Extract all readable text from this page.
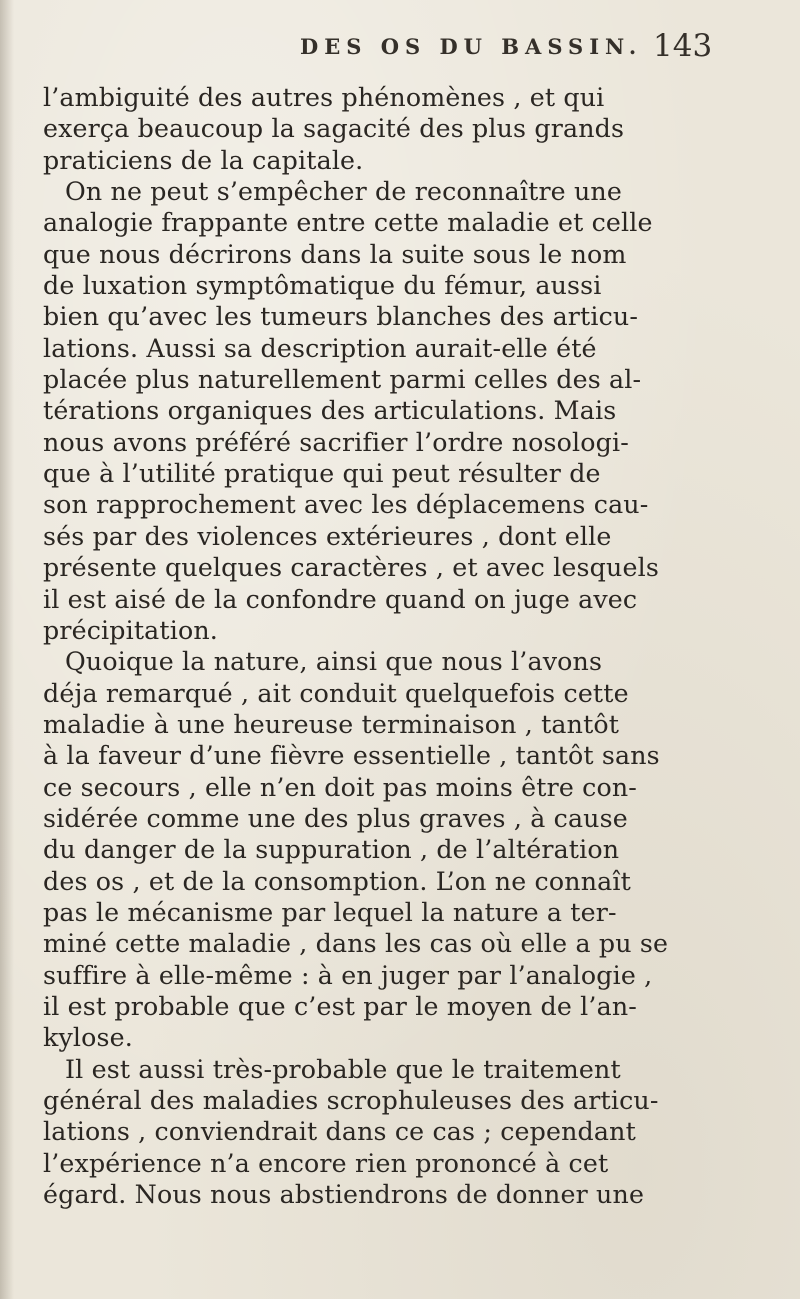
DES OS DU BASSIN. 143
l’ambiguité des autres phénomènes , et qui
exerça beaucoup la sagacité des plus grands
praticiens de la capitale.
On ne peut s’empêcher de reconnaître une
analogie frappante entre cette maladie et celle
que nous décrirons dans la suite sous le nom
de luxation symptômatique du fémur, aussi
bien qu’avec les tumeurs blanches des articu-
lations. Aussi sa description aurait-elle été
placée plus naturellement parmi celles des al-
térations organiques des articulations. Mais
nous avons préféré sacrifier l’ordre nosologi-
que à l’utilité pratique qui peut résulter de
son rapprochement avec les déplacemens cau-
sés par des violences extérieures , dont elle
présente quelques caractères , et avec lesquels
il est aisé de la confondre quand on juge avec
précipitation.
Quoique la nature, ainsi que nous l’avons
déja remarqué , ait conduit quelquefois cette
maladie à une heureuse terminaison , tantôt
à la faveur d’une fièvre essentielle , tantôt sans
ce secours , elle n’en doit pas moins être con-
sidérée comme une des plus graves , à cause
du danger de la suppuration , de l’altération
des os , et de la consomption. L’on ne connaît
pas le mécanisme par lequel la nature a ter-
miné cette maladie , dans les cas où elle a pu se
suffire à elle-même : à en juger par l’analogie ,
il est probable que c’est par le moyen de l’an-
kylose.
Il est aussi très-probable que le traitement
général des maladies scrophuleuses des articu-
lations , conviendrait dans ce cas ; cependant
l’expérience n’a encore rien prononcé à cet
égard. Nous nous abstiendrons de donner une
